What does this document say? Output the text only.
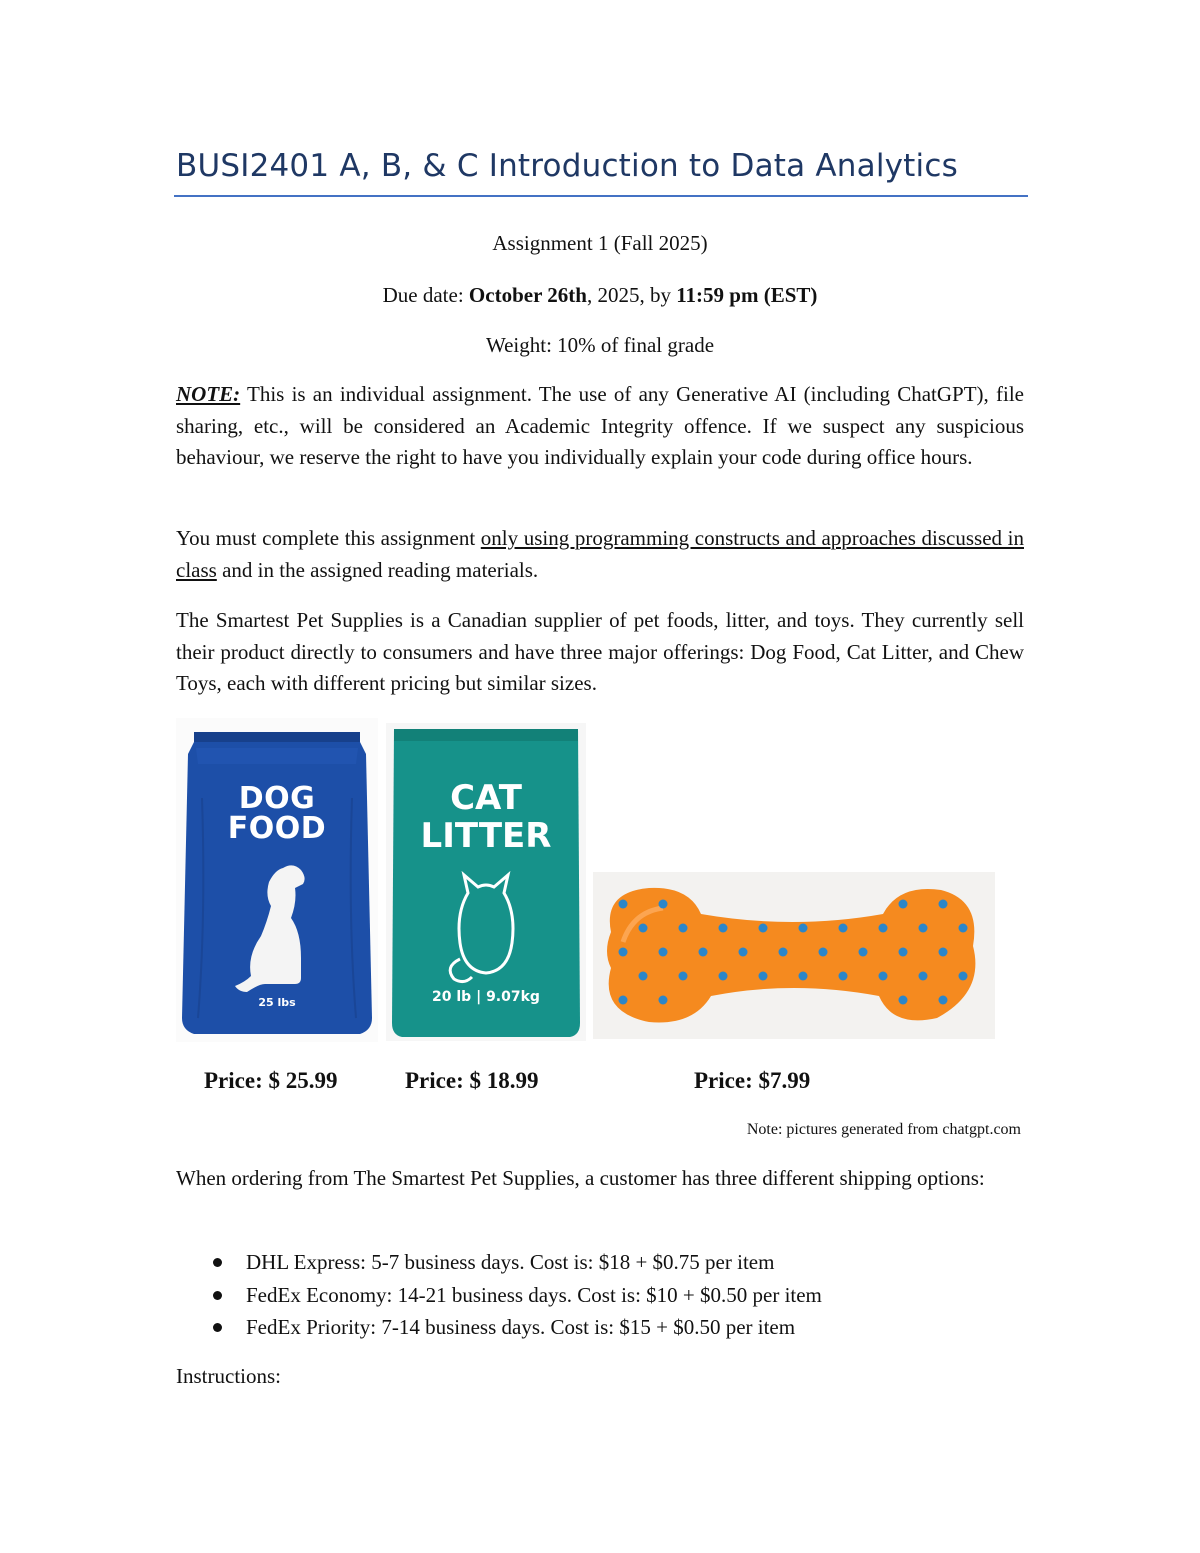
BUSI2401 A, B, & C Introduction to Data Analytics
Assignment 1 (Fall 2025)
Due date: October 26th, 2025, by 11:59 pm (EST)
Weight: 10% of final grade
NOTE: This is an individual assignment. The use of any Generative AI (including ChatGPT), file sharing, etc., will be considered an Academic Integrity offence. If we suspect any suspicious behaviour, we reserve the right to have you individually explain your code during office hours.
You must complete this assignment only using programming constructs and approaches discussed in class and in the assigned reading materials.
The Smartest Pet Supplies is a Canadian supplier of pet foods, litter, and toys. They currently sell their product directly to consumers and have three major offerings: Dog Food, Cat Litter, and Chew Toys, each with different pricing but similar sizes.
25 lbs
DOG
FOOD
20 lb | 9.07kg
CAT
LITTER
Price: $ 25.99	Price: $ 18.99	Price: $7.99
Note: pictures generated from chatgpt.com
When ordering from The Smartest Pet Supplies, a customer has three different shipping options:
DHL Express: 5-7 business days. Cost is: $18 + $0.75 per item
FedEx Economy: 14-21 business days. Cost is: $10 + $0.50 per item
FedEx Priority: 7-14 business days. Cost is: $15 + $0.50 per item
Instructions:
